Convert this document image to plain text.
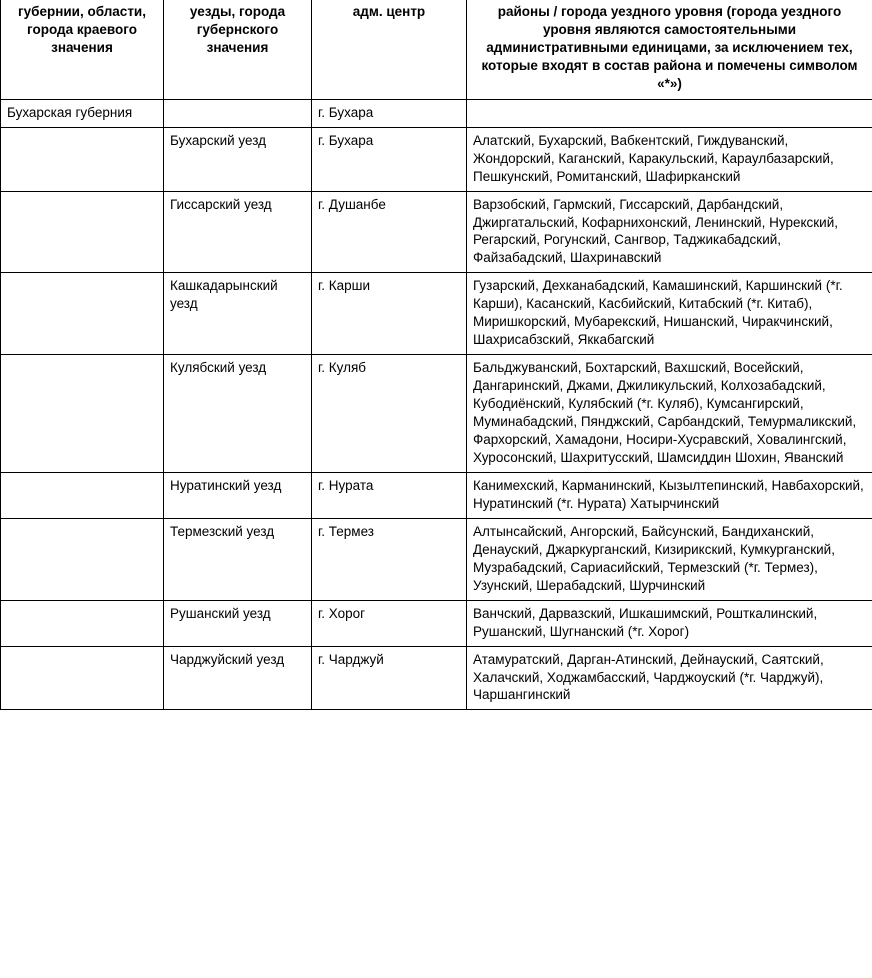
губернии, области, города краевого значения	уезды, города губернского значения	адм. центр	районы / города уездного уровня (города уездного уровня являются самостоятельными административными единицами, за исключением тех, которые входят в состав района и помечены символом «*»)
Бухарская губерния		г. Бухара	
	Бухарский уезд	г. Бухара	Алатский, Бухарский, Вабкентский, Гиждуванский, Жондорский, Каганский, Каракульский, Караулбазарский, Пешкунский, Ромитанский, Шафирканский
	Гиссарский уезд	г. Душанбе	Варзобский, Гармский, Гиссарский, Дарбандский, Джиргатальский, Кофарнихонский, Ленинский, Нурекский, Регарский, Рогунский, Сангвор, Таджикабадский, Файзабадский, Шахринавский
	Кашкадарынский уезд	г. Карши	Гузарский, Дехканабадский, Камашинский, Каршинский (*г. Карши), Касанский, Касбийский, Китабский (*г. Китаб), Миришкорский, Мубарекский, Нишанский, Чиракчинский, Шахрисабзский, Яккабагский
	Кулябский уезд	г. Куляб	Бальджуванский, Бохтарский, Вахшский, Восейский, Дангаринский, Джами, Джиликульский, Колхозабадский, Кубодиёнский, Кулябский (*г. Куляб), Кумсангирский, Муминабадский, Пянджский, Сарбандский, Темурмаликский, Фархорский, Хамадони, Носири-Хусравский, Ховалингский, Хуросонский, Шахритусский, Шамсиддин Шохин, Яванский
	Нуратинский уезд	г. Нурата	Канимехский, Карманинский, Кызылтепинский, Навбахорский, Нуратинский (*г. Нурата) Хатырчинский
	Термезский уезд	г. Термез	Алтынсайский, Ангорский, Байсунский, Бандиханский, Денауский, Джаркурганский, Кизирикский, Кумкурганский, Музрабадский, Сариасийский, Термезский (*г. Термез), Узунский, Шерабадский, Шурчинский
	Рушанский уезд	г. Хорог	Ванчский, Дарвазский, Ишкашимский, Рошткалинский, Рушанский, Шугнанский (*г. Хорог)
	Чарджуйский уезд	г. Чарджуй	Атамуратский, Дарган-Атинский, Дейнауский, Саятский, Халачский, Ходжамбасский, Чарджоуский (*г. Чарджуй), Чаршангинский
